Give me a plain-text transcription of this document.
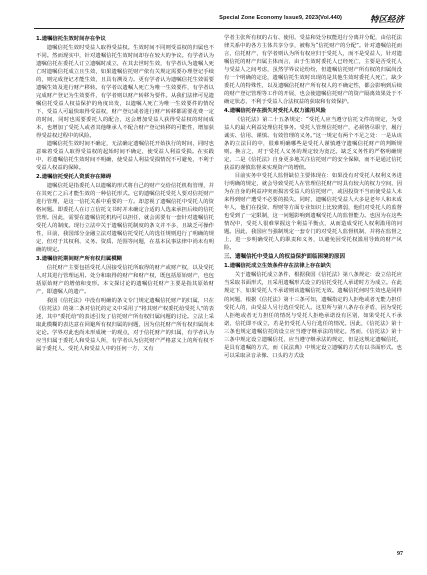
Special Zone Economy Issue9, 2023(Vol.440)	特区经济
1.遗嘱信托生效时间存在争议

遗嘱信托生效时受益人取得受益权。生效时间不同则受益权的归属也不不同。然而现实中，针对遗嘱信托生效时间却存在较大的争议。有学者认为遗嘱信托在委托人订立遗嘱时成立，在其去世时生效，有学者认为遗嘱人死亡时遗嘱信托成立且生效，如果遗嘱信托财产依有关规定需要办理登记手续的，则完成登记才能生效，且具有溯及力。更有学者认为遗嘱信托生效需要遗嘱生效及进行财产移转。有学者以遗嘱人死亡为唯一生效要件，有学者以完成财产登记为生效要件，有学者则以财产转移为要件。从我们法律可见遗嘱信托受益人权益保护的角度出发，以遗嘱人死亡为唯一生效要件的情况下，受益人可最快取得受益权，财产登记或者进行财产转移都需要花费一定的时间，同时也需要委托人的配合，这会增加受益人获得受益权的时间成本，也增加了受托人或者其他继承人不配合财产登记转移的可能性，增加获得受益权过程中的风险。

遗嘱信托生效时间不确定，无法确定遗嘱信托开始执行的时间，同时也意味着受益人取得受益权的起始时间不确定，使受益人利益受损。在实践中，若遗嘱信托生效时间不明确，使受益人利益受损情况不可避免，不利于受益人权益的保障。

2.遗嘱信托受托人资质存在障碍

遗嘱信托是指委托人以遗嘱的形式将自己的财产交给信托机构管理，并在其死亡之后才能生效的一种信托形式。它的遗嘱信托受托人要对信托财产进行管理，是这一信托关系中重要的一方。却忽视了遗嘱信托中受托人的资格问题。即委托人在订立信托文书时并未确定合适的人选来承担后续的信托管理。因此，需要在遗嘱信托机构可以担任，就会需要有一套针对遗嘱信托受托人的制度。现行立法中关于遗嘱信托制度的条文并不多，且缺乏可操作性，目前，我国部分金融立法对遗嘱信托受托人的选任规则进行了明确的规定，但对于其权利、义务、资质、范围等问题，在基本民事法律中尚未有明确的规定。

3.遗嘱信托期间财产所有权归属模糊

信托财产主要包括受托人因接受信托所取得的财产或财产权，以及受托人对其进行管理运用、处分和取得的财产和财产权，既包括原始财产，也包括原始财产的增值和变形。本文探讨论的遗嘱信托财产主要是指其原始财产，即遗嘱人的遗产。

我国《信托法》中没有明确的条文专门规定遗嘱信托财产的归属，只在《信托法》的第二条对信托的定义中采用了"将其财产权委托给受托人"的表述，其中"委托给"的表述引发了信托财产所有权归属问题的讨论。立法上采取此模糊的表达意在回避所有权归属的问题，因为信托财产所有权归属尚未定论。学界对此也尚未形成统一的观点，对于信托财产的归属，有学者认为应当归属于委托人和受益人所，有学者认为信托财产严格意义上的所有权不属于委托人、受托人和受益人中的任何一方，又有

学者主张所有权的占有、使用、受益和处分权能进行分离并分配，由信托法律关系中的各方主体共享分享，被称为“信托财产的分配”。针对遗嘱信托而言，信托财产，有学者则认为所有权应归于受托人，而不是受益人，针对遗嘱信托的财产归属主体而言，由于生效时委托人已经死亡，主要是否受托人与受益人之间考虑，虽然学界议论纷纷，但遗嘱信托财产所有权的归属尚没有一个明确的定论，遗嘱信托生效时出现的是其他生效时委托人死亡，缺少委托人的特殊性，以及遗嘱信托财产所有权人的不确定性，都会影响到后续的财产登记管理等工作的开展，也会使遗嘱信托财产的资产隔离效果处于不确定状态，不利于受益人合法权益的获取和有效保护。

4.遗嘱信托存在损失对受托人权力滥用风险

《信托法》第二十五条规定：“受托人应当遵守信托文件的规定，为受益人的最大利益处理信托事务。受托人管理信托财产，必须恪尽职守，履行诚实、信用、谨慎、有效管理的义务。”这一规定有两个不足之处：一是从该条的立法目的中，很难明确哪些是受托人谨慎遵守遗嘱信托财产的判断规则。换言之，对于受托人义务的规定较为宽泛。缺乏义务性的严格明确规定，二是《信托法》自身更多地关注信托财产的安全保障，而不是通过信托获益的谨慎监督来实现资产的增值。

目前实务中受托人监督缺位主要体现在：如果没有对受托人权利义务进行明确的规定，就会导致受托人在管理信托财产时具有较大的权力空间，因为在自身的利益冲突而损害受益人的信托财产，或因投资不当而使受益人未来得到财产遭受不必要的损失。同时，遗嘱信托受益人大多是老年人和未成年人，他们在投资、理财等方面专业知识上比较薄弱，他们对受托人的监督也受到了一定限制，这一问题影响到遗嘱受托人的监督能力。也因为在这些情况中，受托人很难掌握这个利益平衡点，从而造成受托人权利滥用的问题。因此，我国应当强制规定一套专门的对受托人监督机制，并将在监督之上，进一步明确受托人的职责和义务，以避免因受托权滥用导致的财产风险。

三、遗嘱信托中受益人的权益保护面临困境的原因
1.遗嘱信托成立生效条件存在法律上存在缺失

关于遗嘱信托成立条件，根据我国《信托法》第八条规定：设立信托应当采取书面形式，且采用遗嘱形式设立的信托受托人承诺时方为成立。在此规定下，如果受托人不承诺则该遗嘱信托无效。遗嘱信托何时生效也是同样的问题，根据《信托法》第十三条可知，遗嘱指定的人拒绝或者无能力担任受托人的，由受益人另行选任受托人。这里所与第八条存在矛盾，因为受托人拒绝或者无力担任的情况与受托人拒绝承诺没有区别，如果受托人不承诺，信托即不成立，若是仍受托人另行选任的情况。因此，《信托法》第十三条也规定遗嘱信托的设立应当遵守继承法的规定。然而，《信托法》第十三条中规定设立遗嘱信托，应当遵守继承法的规定，但是这规定遗嘱信托，是具有遗嘱的方式，而《民法典》中规定设立遗嘱的方式有以书面形式。也可以采取录音录像、口头的方式设

97
